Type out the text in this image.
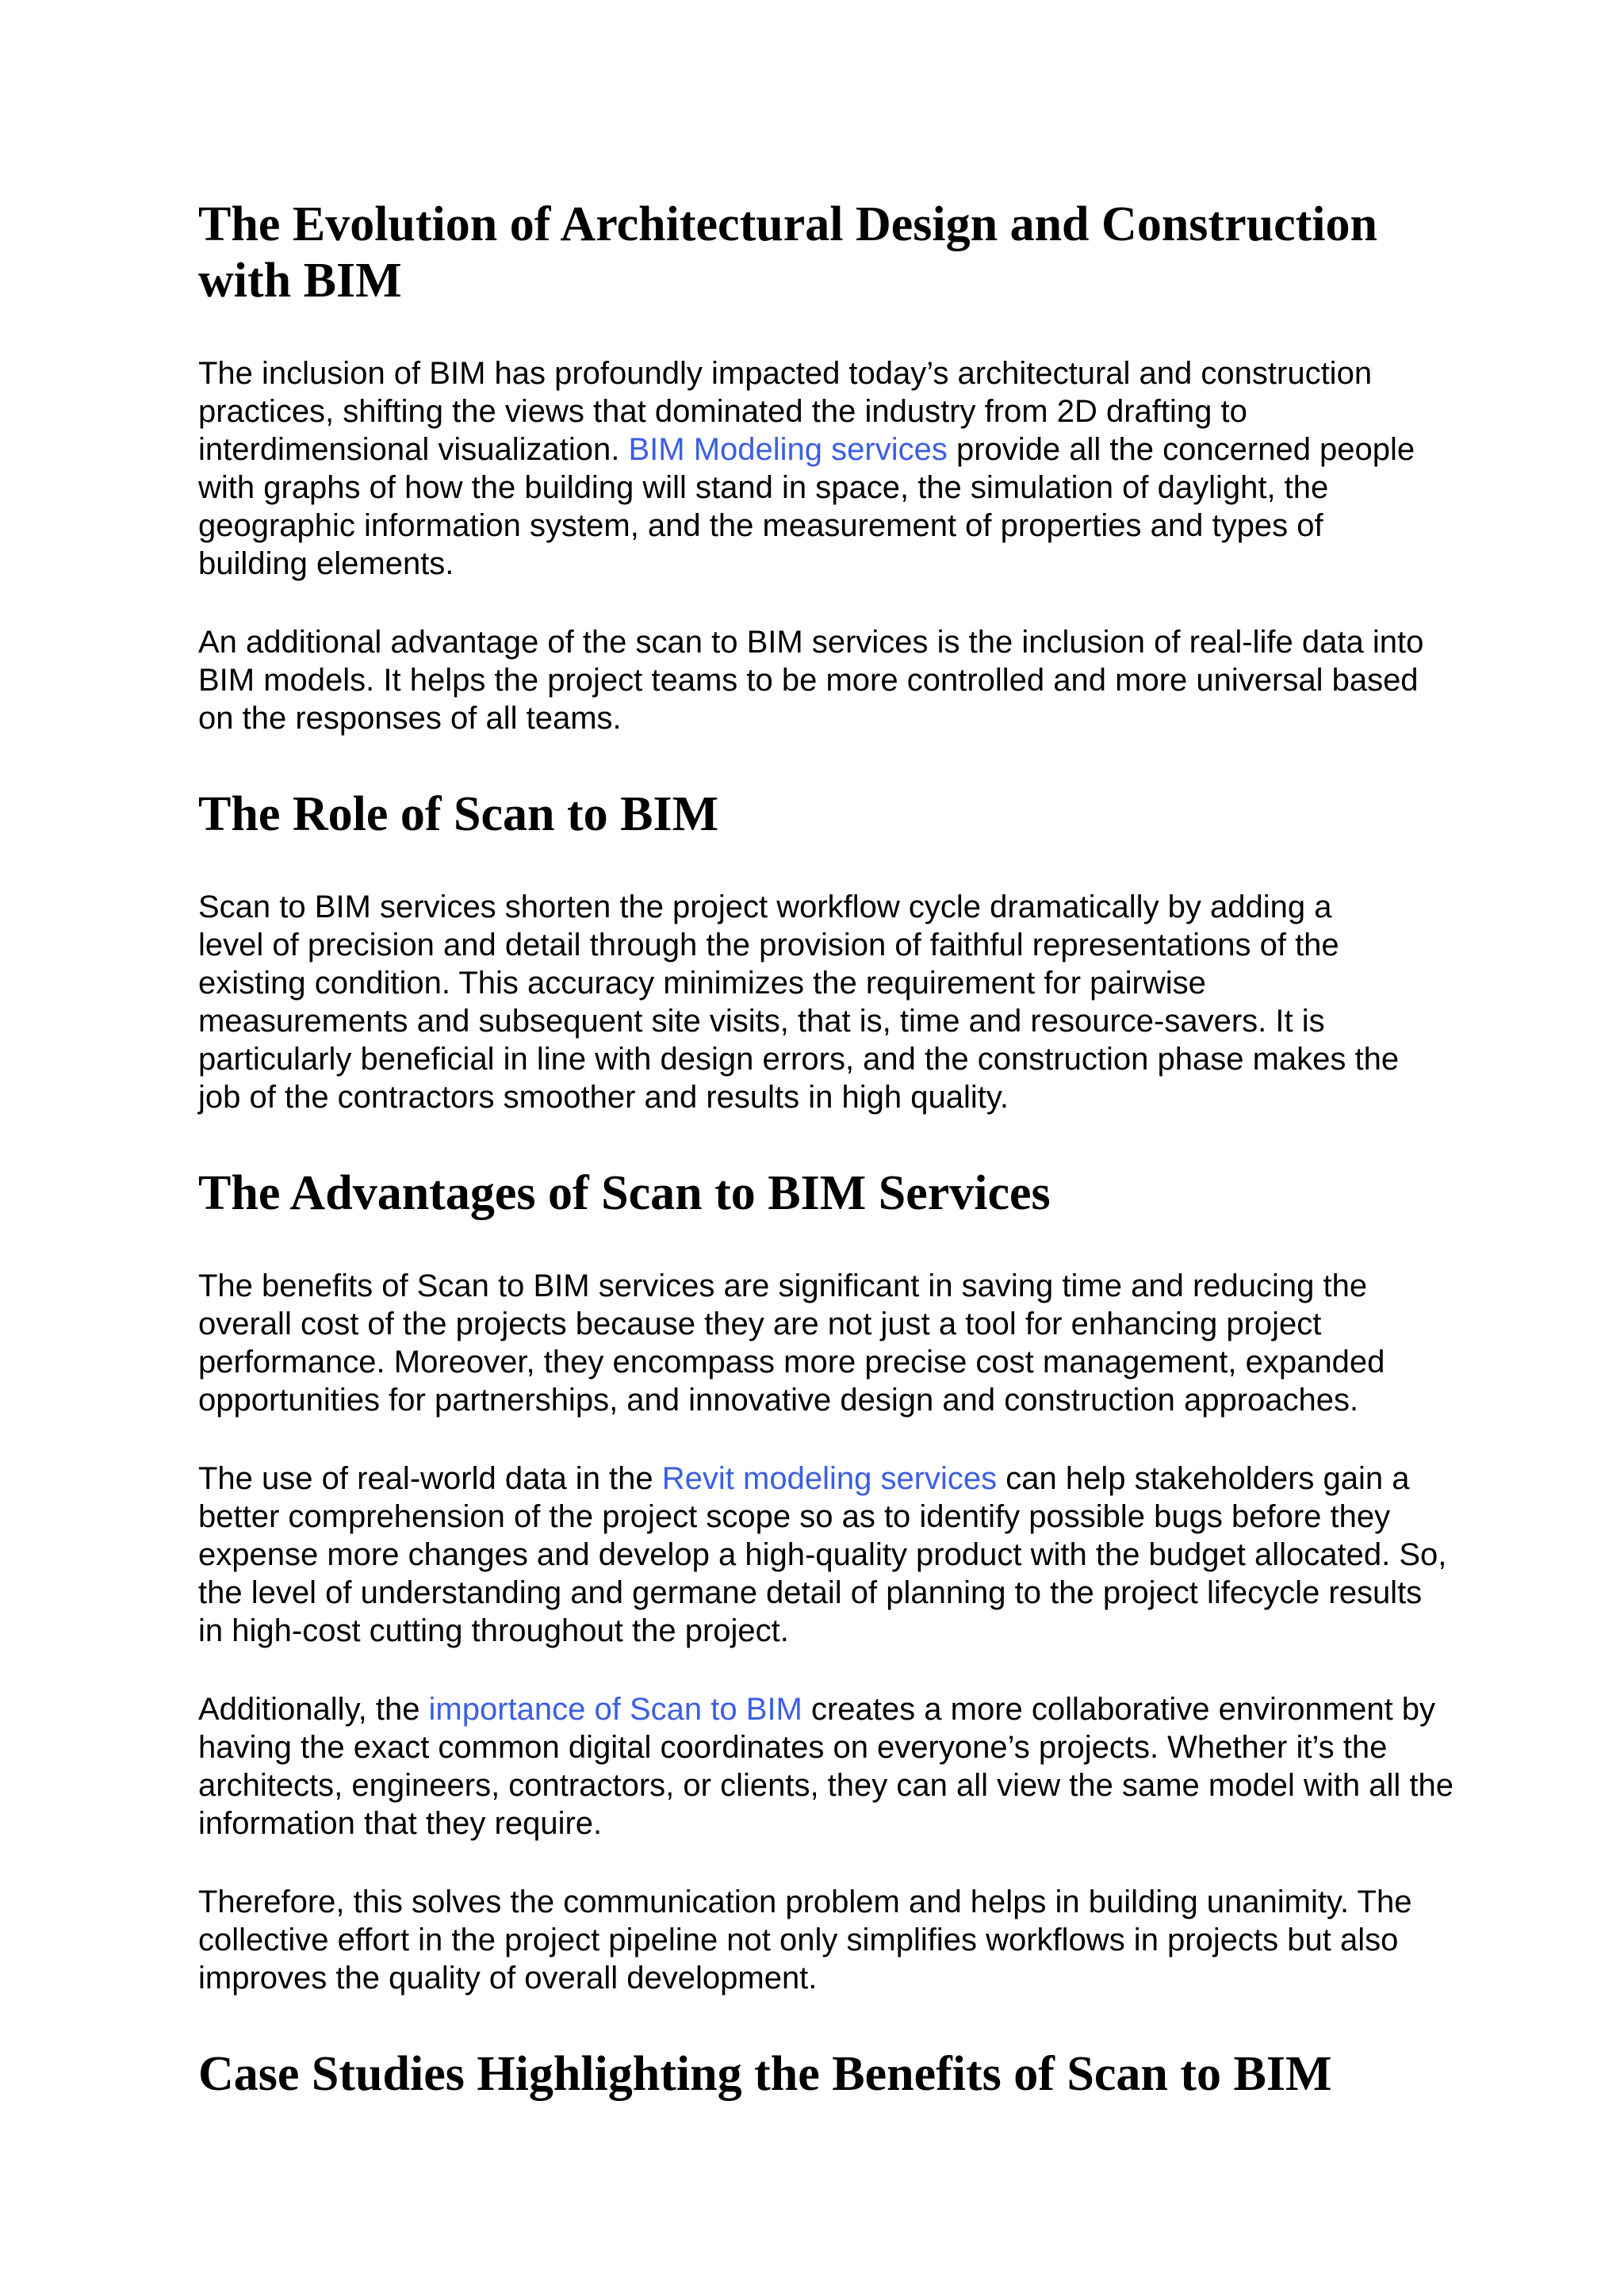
The Evolution of Architectural Design and Construction with BIM

The inclusion of BIM has profoundly impacted today’s architectural and construction practices, shifting the views that dominated the industry from 2D drafting to interdimensional visualization. BIM Modeling services provide all the concerned people with graphs of how the building will stand in space, the simulation of daylight, the geographic information system, and the measurement of properties and types of building elements.

An additional advantage of the scan to BIM services is the inclusion of real-life data into BIM models. It helps the project teams to be more controlled and more universal based on the responses of all teams.

The Role of Scan to BIM

Scan to BIM services shorten the project workflow cycle dramatically by adding a level of precision and detail through the provision of faithful representations of the existing condition. This accuracy minimizes the requirement for pairwise measurements and subsequent site visits, that is, time and resource-savers. It is particularly beneficial in line with design errors, and the construction phase makes the job of the contractors smoother and results in high quality.

The Advantages of Scan to BIM Services

The benefits of Scan to BIM services are significant in saving time and reducing the overall cost of the projects because they are not just a tool for enhancing project performance. Moreover, they encompass more precise cost management, expanded opportunities for partnerships, and innovative design and construction approaches.

The use of real-world data in the Revit modeling services can help stakeholders gain a better comprehension of the project scope so as to identify possible bugs before they expense more changes and develop a high-quality product with the budget allocated. So, the level of understanding and germane detail of planning to the project lifecycle results in high-cost cutting throughout the project.

Additionally, the importance of Scan to BIM creates a more collaborative environment by having the exact common digital coordinates on everyone’s projects. Whether it’s the architects, engineers, contractors, or clients, they can all view the same model with all the information that they require.

Therefore, this solves the communication problem and helps in building unanimity. The collective effort in the project pipeline not only simplifies workflows in projects but also improves the quality of overall development.

Case Studies Highlighting the Benefits of Scan to BIM
